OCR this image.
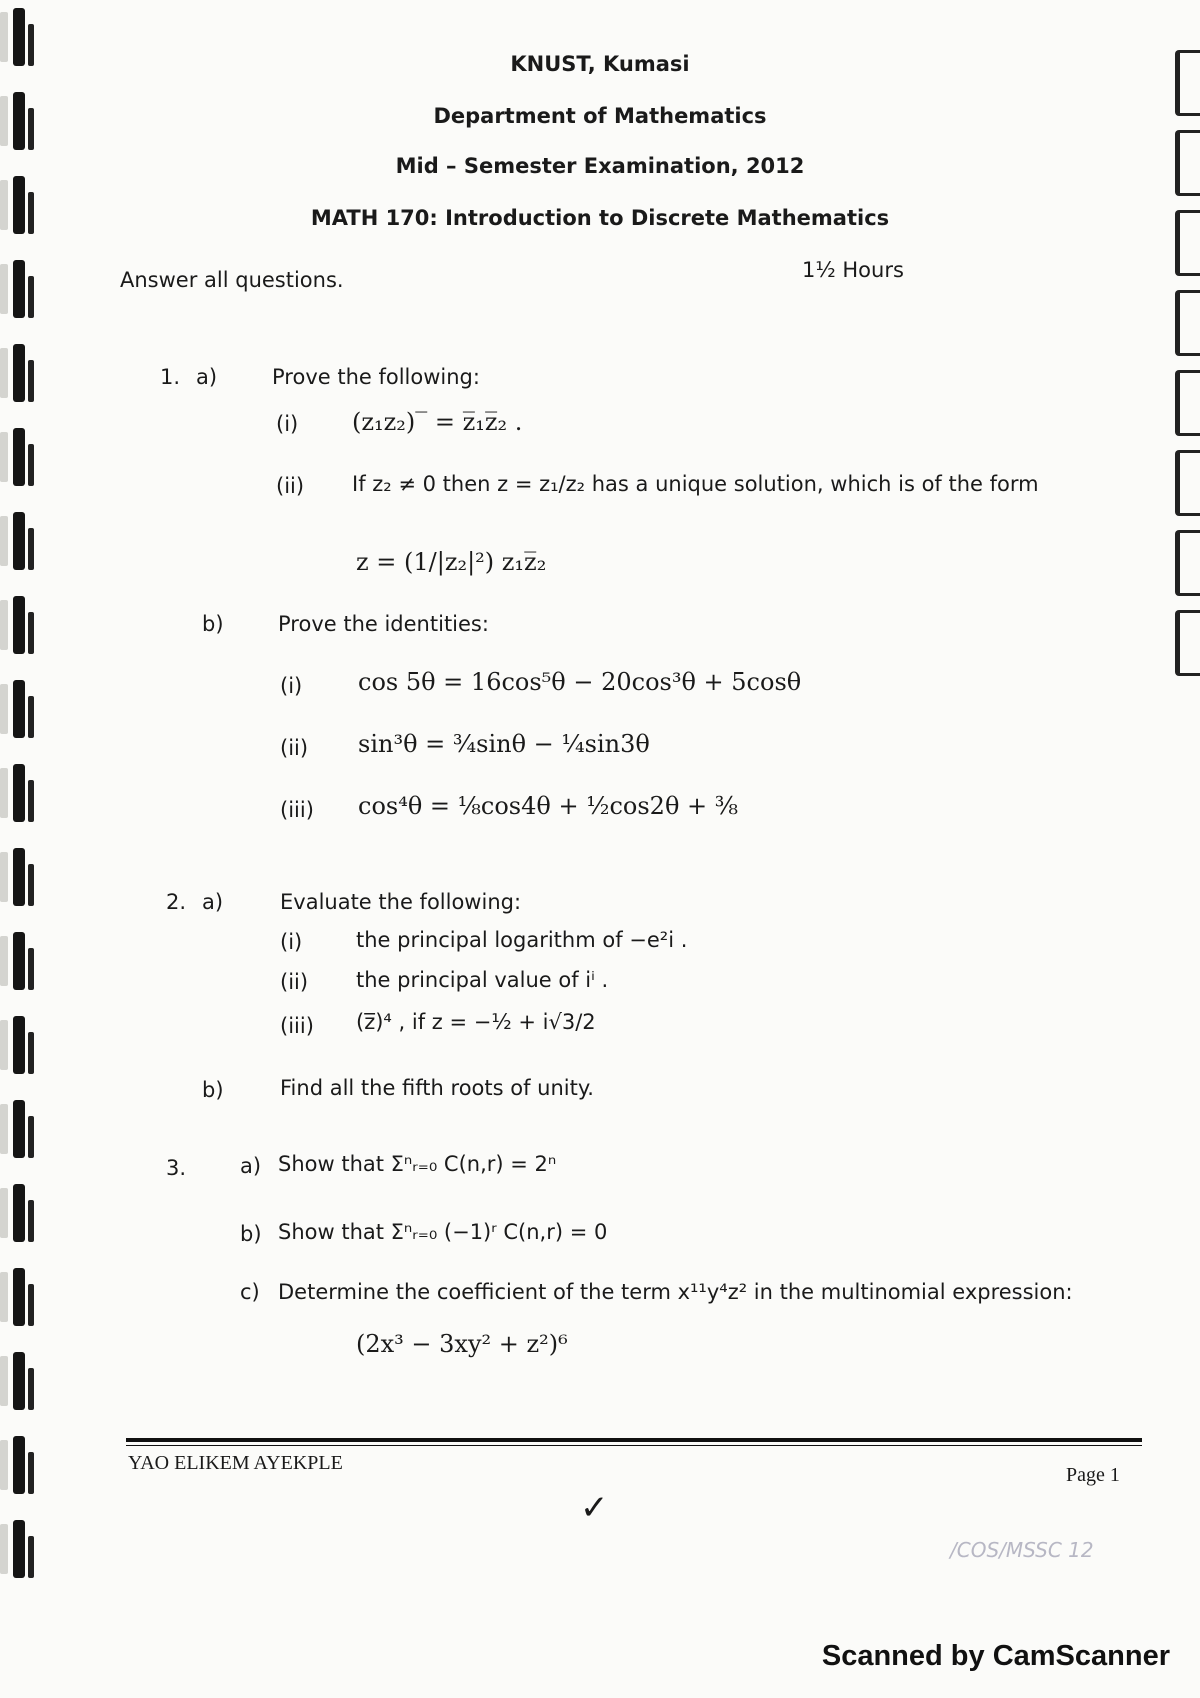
KNUST, Kumasi
Department of Mathematics
Mid – Semester Examination, 2012
MATH 170: Introduction to Discrete Mathematics
Answer all questions.	1½ Hours
1. a)	Prove the following:
(i) (z₁z₂)‾ = z̅₁z̅₂ .
(ii) If z₂ ≠ 0 then z = z₁/z₂ has a unique solution, which is of the form
z = (1/|z₂|²) z₁z̅₂
b)	Prove the identities:
(i) cos 5θ = 16cos⁵θ − 20cos³θ + 5cosθ
(ii) sin³θ = ¾sinθ − ¼sin3θ
(iii) cos⁴θ = ⅛cos4θ + ½cos2θ + ⅜
2. a)	Evaluate the following:
(i)	the principal logarithm of −e²i .
(ii) the principal value of iⁱ .
(iii) (z̅)⁴ , if z = −½ + i√3/2
b)	Find all the fifth roots of unity.
3.	a) Show that Σⁿᵣ₌₀ C(n,r) = 2ⁿ
b) Show that Σⁿᵣ₌₀ (−1)ʳ C(n,r) = 0
c) Determine the coefficient of the term x¹¹y⁴z² in the multinomial expression:
(2x³ − 3xy² + z²)⁶
YAO ELIKEM AYEKPLE
Page 1
✓
/COS/MSSC 12
Scanned by CamScanner
